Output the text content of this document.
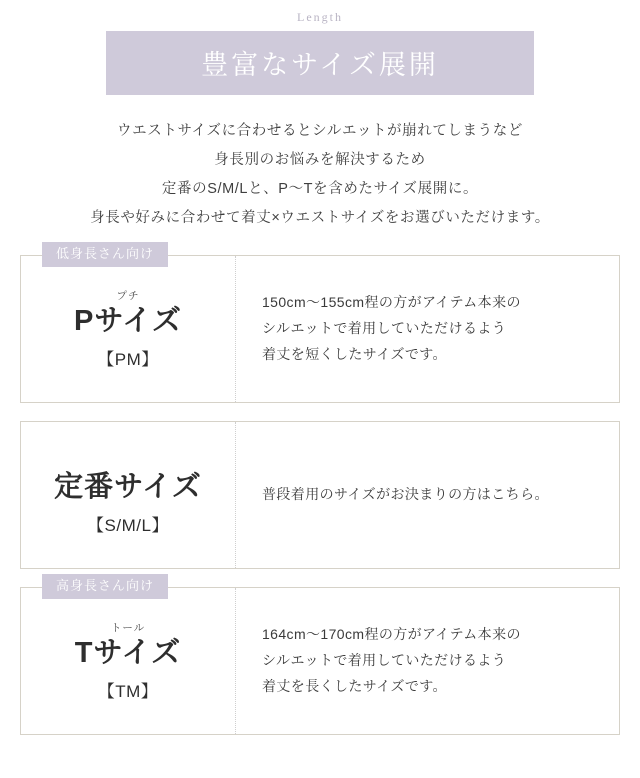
Length
豊富なサイズ展開
ウエストサイズに合わせるとシルエットが崩れてしまうなど
身長別のお悩みを解決するため
定番のS/M/Lと、P〜Tを含めたサイズ展開に。
身長や好みに合わせて着丈×ウエストサイズをお選びいただけます。
低身長さん向け
プチ
Pサイズ
【PM】
150cm〜155cm程の方がアイテム本来の
シルエットで着用していただけるよう
着丈を短くしたサイズです。
定番サイズ
【S/M/L】
普段着用のサイズがお決まりの方はこちら。
高身長さん向け
トール
Tサイズ
【TM】
164cm〜170cm程の方がアイテム本来の
シルエットで着用していただけるよう
着丈を長くしたサイズです。
